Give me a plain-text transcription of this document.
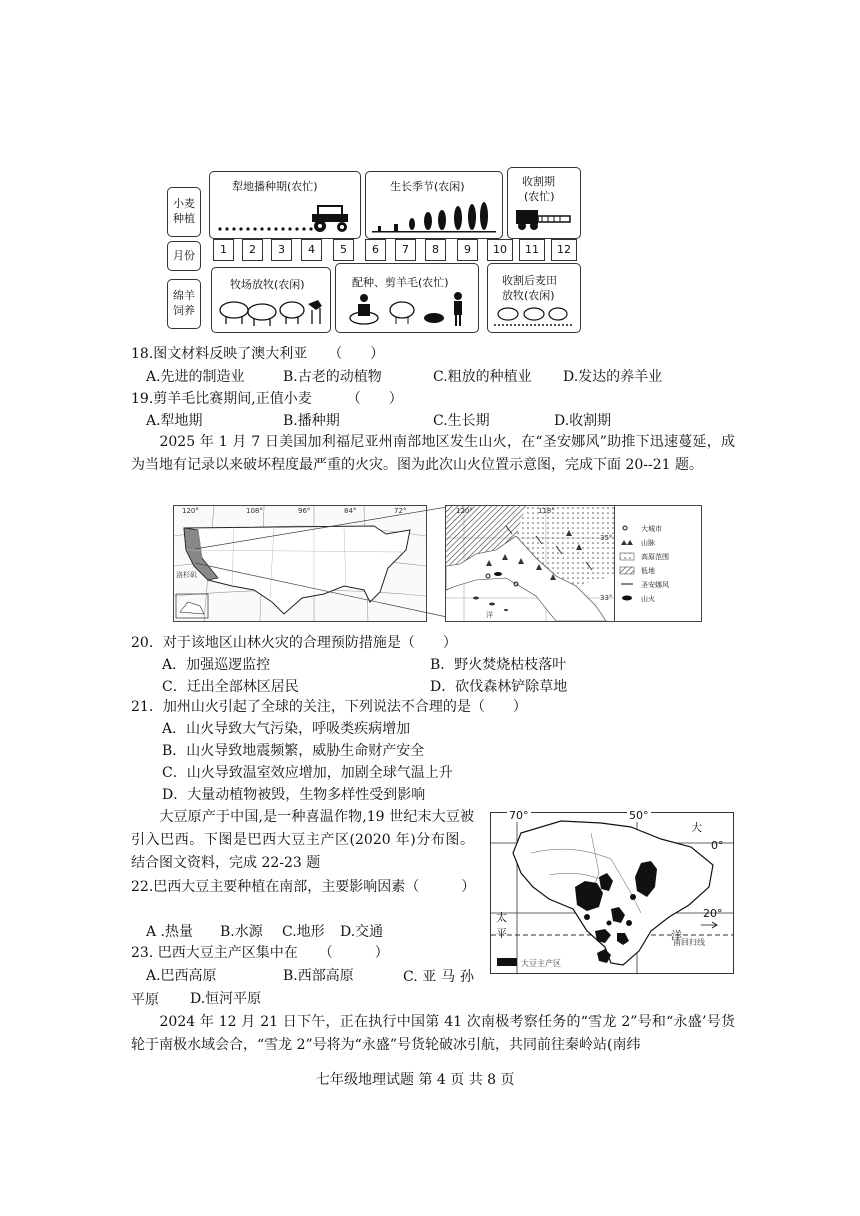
小麦
种植
月份
绵羊
饲养
犁地播种期(农忙)	生长季节(农闲)	收割期
(农忙)
1	2	3	4	5	6	7	8	9	10	11	12
牧场放牧(农闲)	配种、剪羊毛(农忙)	收割后麦田
放牧(农闲)
18.图文材料反映了澳大利亚　　（　　）
A.先进的制造业	B.古老的动植物	C.粗放的种植业 D.发达的养羊业
19.剪羊毛比赛期间,正值小麦　　　（　　）
A.犁地期	B.播种期	C.生长期	D.收割期
　　2025 年 1 月 7 日美国加利福尼亚州南部地区发生山火，在“圣安娜风”助推下迅速蔓延，成为当地有记录以来破坏程度最严重的火灾。图为此次山火位置示意图，完成下面 20--21 题。
120°	108°	96°	84°	72°
洛杉矶
120°	118°
35°
33°
洋
大城市
山脉
高原范围
低地
圣安娜风
山火
20．对于该地区山林火灾的合理预防措施是（　　）
A．加强巡逻监控	B．野火焚烧枯枝落叶
C．迁出全部林区居民	D．砍伐森林铲除草地
21．加州山火引起了全球的关注，下列说法不合理的是（　　）
A．山火导致大气污染，呼吸类疾病增加
B．山火导致地震频繁，威胁生命财产安全
C．山火导致温室效应增加，加剧全球气温上升
D．大量动植物被毁，生物多样性受到影响
　　大豆原产于中国,是一种喜温作物,19 世纪末大豆被引入巴西。下图是巴西大豆主产区(2020 年)分布图。结合图文资料，完成 22-23 题
22.巴西大豆主要种植在南部，主要影响因素（　　　）
A .热量 B.水源 C.地形 D.交通
23. 巴西大豆主产区集中在　　（　　　）
A.巴西高原	B.西部高原	C. 亚 马 孙平原	D.恒河平原
70°	50°
大
0°
20°
太
平	洋
南回归线
大豆主产区
　　2024 年 12 月 21 日下午，正在执行中国第 41 次南极考察任务的“雪龙 2”号和“永盛’号货轮于南极水域会合，“雪龙 2”号将为“永盛”号货轮破冰引航，共同前往秦岭站(南纬
七年级地理试题 第 4 页 共 8 页
